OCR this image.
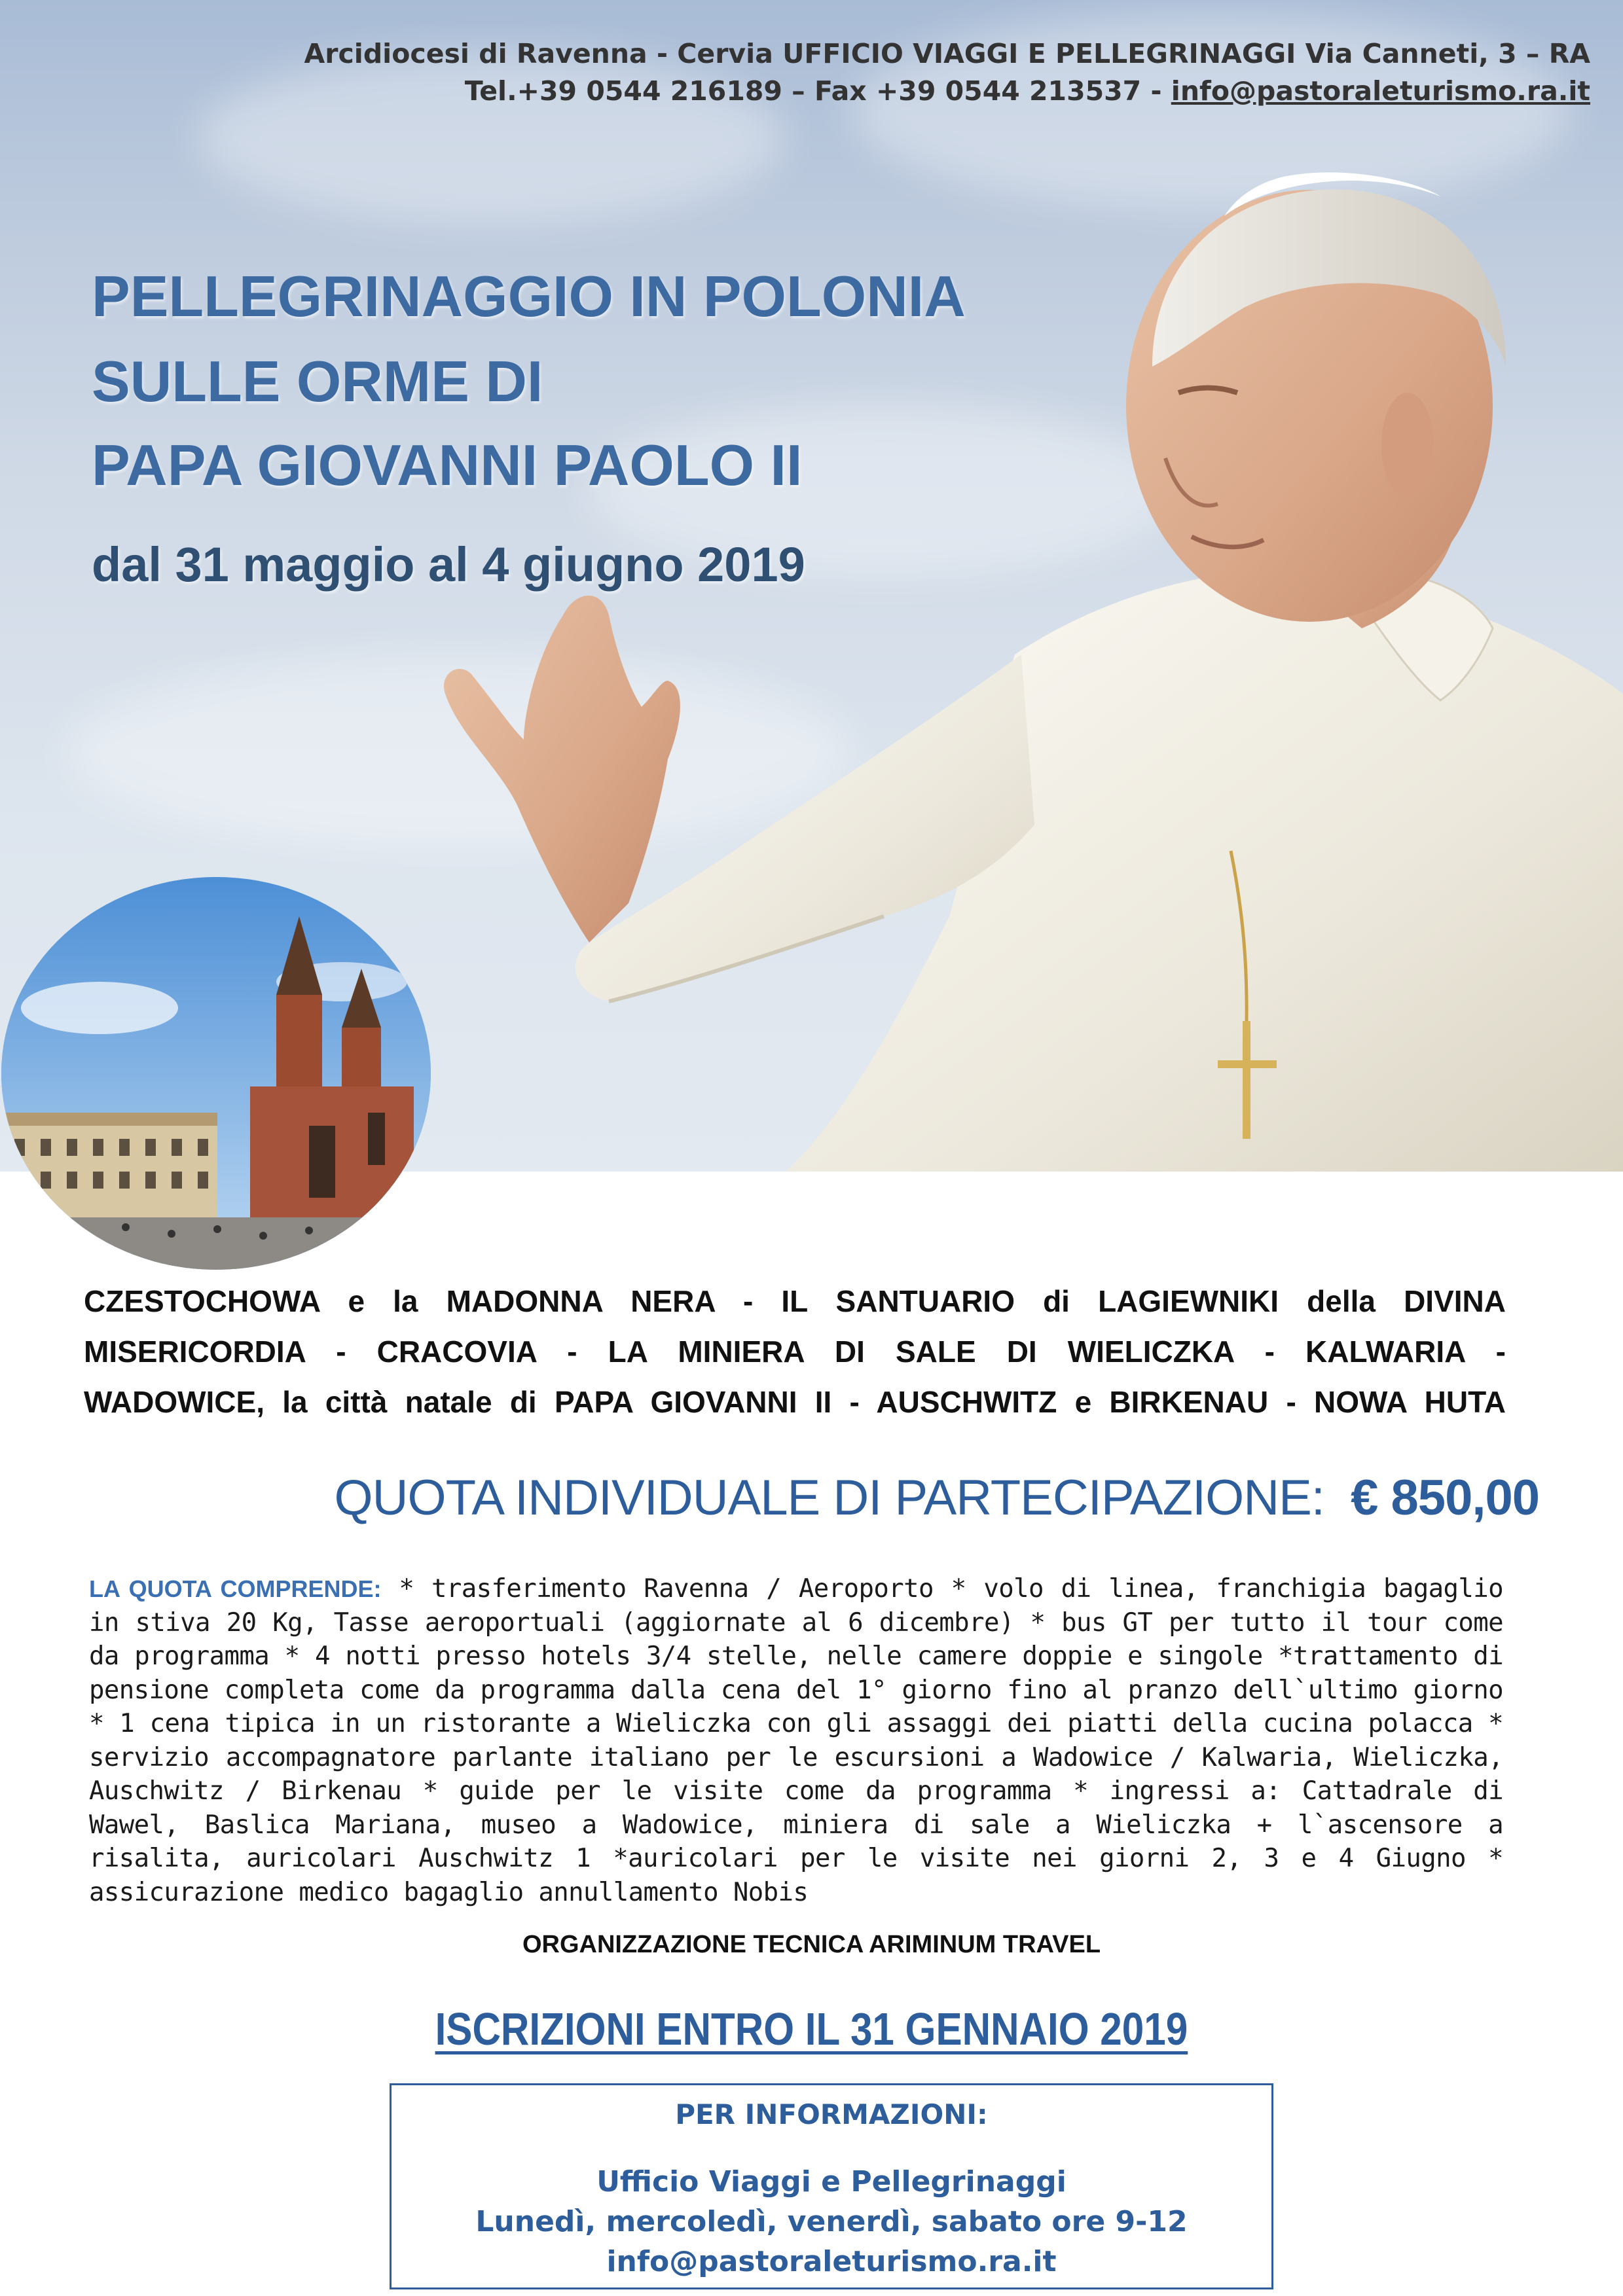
Arcidiocesi di Ravenna - Cervia UFFICIO VIAGGI E PELLEGRINAGGI Via Canneti, 3 – RA
Tel.+39 0544 216189 – Fax +39 0544 213537 - info@pastoraleturismo.ra.it
PELLEGRINAGGIO IN POLONIA
SULLE ORME DI
PAPA GIOVANNI PAOLO II
dal 31 maggio al 4 giugno 2019
CZESTOCHOWA e la MADONNA NERA - IL SANTUARIO di LAGIEWNIKI della DIVINA
MISERICORDIA - CRACOVIA - LA MINIERA DI SALE DI WIELICZKA - KALWARIA -
WADOWICE, la città natale di PAPA GIOVANNI II - AUSCHWITZ e BIRKENAU - NOWA HUTA
QUOTA INDIVIDUALE DI PARTECIPAZIONE: € 850,00
LA QUOTA COMPRENDE: * trasferimento Ravenna / Aeroporto * volo di linea, franchigia bagaglio in stiva 20 Kg, Tasse aeroportuali (aggiornate al 6 dicembre) * bus GT per tutto il tour come da programma * 4 notti presso hotels 3/4 stelle, nelle camere doppie e singole *trattamento di pensione completa come da programma dalla cena del 1° giorno fino al pranzo dell`ultimo giorno * 1 cena tipica in un ristorante a Wieliczka con gli assaggi dei piatti della cucina polacca * servizio accompagnatore parlante italiano per le escursioni a Wadowice / Kalwaria, Wieliczka, Auschwitz / Birkenau * guide per le visite come da programma * ingressi a: Cattadrale di Wawel, Baslica Mariana, museo a Wadowice, miniera di sale a Wieliczka + l`ascensore a risalita, auricolari Auschwitz 1 *auricolari per le visite nei giorni 2, 3 e 4 Giugno * assicurazione medico bagaglio annullamento Nobis
ORGANIZZAZIONE TECNICA ARIMINUM TRAVEL
ISCRIZIONI ENTRO IL 31 GENNAIO 2019
PER INFORMAZIONI:
Ufficio Viaggi e Pellegrinaggi
Lunedì, mercoledì, venerdì, sabato ore 9-12
info@pastoraleturismo.ra.it
